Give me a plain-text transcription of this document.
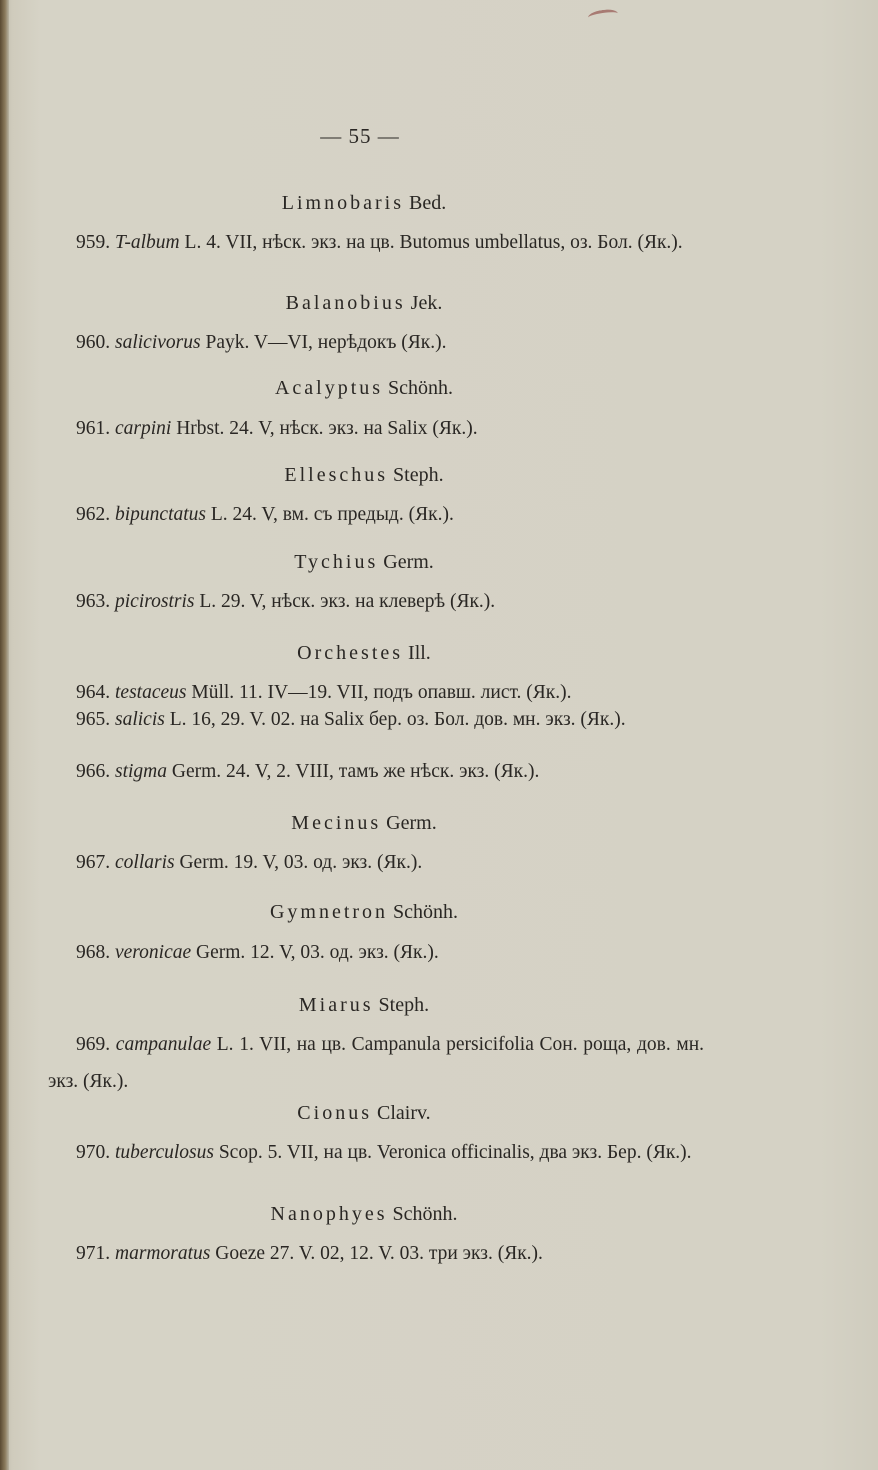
— 55 —
Limnobaris Bed.
959. T-album L. 4. VII, нѣск. экз. на цв. Butomus umbellatus, оз. Бол. (Як.).
Balanobius Jek.
960. salicivorus Payk. V—VI, нерѣдокъ (Як.).
Acalyptus Schönh.
961. carpini Hrbst. 24. V, нѣск. экз. на Salix (Як.).
Elleschus Steph.
962. bipunctatus L. 24. V, вм. съ предыд. (Як.).
Tychius Germ.
963. picirostris L. 29. V, нѣск. экз. на клеверѣ (Як.).
Orchestes Ill.
964. testaceus Müll. 11. IV—19. VII, подъ опавш. лист. (Як.).
965. salicis L. 16, 29. V. 02. на Salix бер. оз. Бол. дов. мн. экз. (Як.).
966. stigma Germ. 24. V, 2. VIII, тамъ же нѣск. экз. (Як.).
Mecinus Germ.
967. collaris Germ. 19. V, 03. од. экз. (Як.).
Gymnetron Schönh.
968. veronicae Germ. 12. V, 03. од. экз. (Як.).
Miarus Steph.
969. campanulae L. 1. VII, на цв. Campanula persicifolia Сон. роща, дов. мн. экз. (Як.).
Cionus Clairv.
970. tuberculosus Scop. 5. VII, на цв. Veronica officinalis, два экз. Бер. (Як.).
Nanophyes Schönh.
971. marmoratus Goeze 27. V. 02, 12. V. 03. три экз. (Як.).
